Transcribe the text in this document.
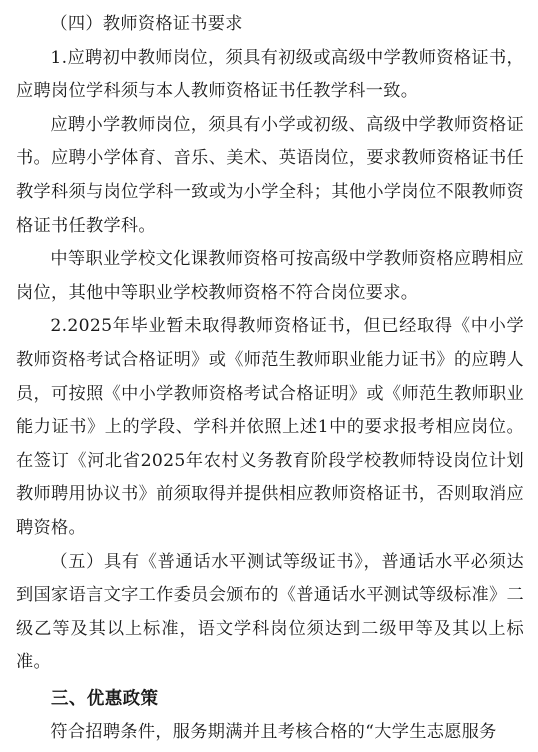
（四）教师资格证书要求

1.应聘初中教师岗位，须具有初级或高级中学教师资格证书，应聘岗位学科须与本人教师资格证书任教学科一致。

应聘小学教师岗位，须具有小学或初级、高级中学教师资格证书。应聘小学体育、音乐、美术、英语岗位，要求教师资格证书任教学科须与岗位学科一致或为小学全科；其他小学岗位不限教师资格证书任教学科。

中等职业学校文化课教师资格可按高级中学教师资格应聘相应岗位，其他中等职业学校教师资格不符合岗位要求。

2.2025年毕业暂未取得教师资格证书，但已经取得《中小学教师资格考试合格证明》或《师范生教师职业能力证书》的应聘人员，可按照《中小学教师资格考试合格证明》或《师范生教师职业能力证书》上的学段、学科并依照上述1中的要求报考相应岗位。在签订《河北省2025年农村义务教育阶段学校教师特设岗位计划教师聘用协议书》前须取得并提供相应教师资格证书，否则取消应聘资格。

（五）具有《普通话水平测试等级证书》，普通话水平必须达到国家语言文字工作委员会颁布的《普通话水平测试等级标准》二级乙等及其以上标准，语文学科岗位须达到二级甲等及其以上标准。

三、优惠政策

符合招聘条件，服务期满并且考核合格的“大学生志愿服务
